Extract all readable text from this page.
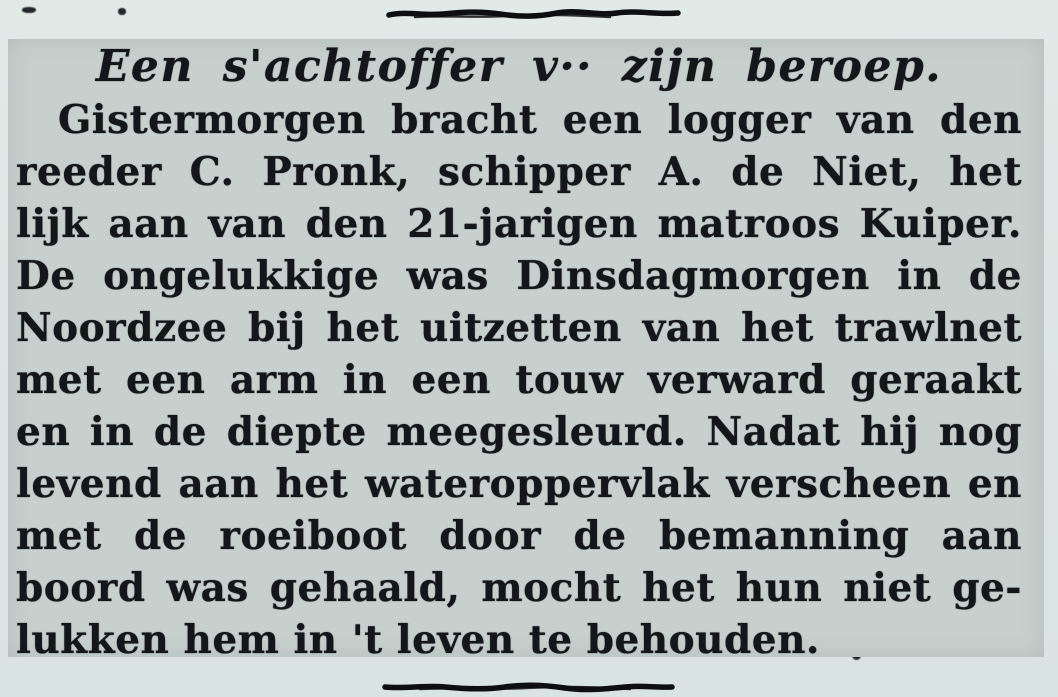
Een s'achtoffer v·· zijn beroep.
Gistermorgen bracht een logger van den
reeder C. Pronk, schipper A. de Niet, het
lijk aan van den 21-jarigen matroos Kuiper.
De ongelukkige was Dinsdagmorgen in de
Noordzee bij het uitzetten van het trawlnet
met een arm in een touw verward geraakt
en in de diepte meegesleurd. Nadat hij nog
levend aan het wateroppervlak verscheen en
met de roeiboot door de bemanning aan
boord was gehaald, mocht het hun niet ge-
lukken hem in 't leven te behouden.
